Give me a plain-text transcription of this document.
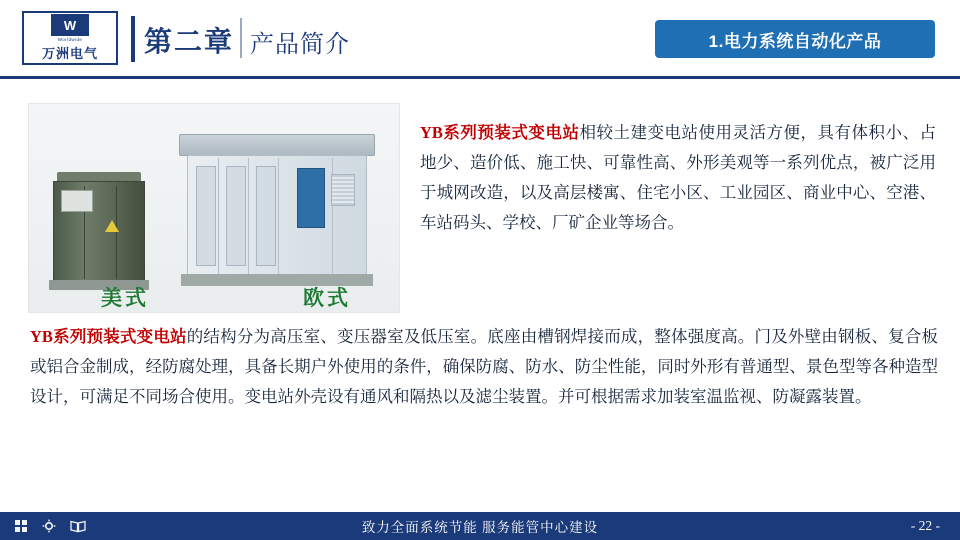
W
Worldwide
万洲电气 第二章 产品简介	1.电力系统自动化产品
美式	欧式
YB系列预装式变电站相较土建变电站使用灵活方便，具有体积小、占地少、造价低、施工快、可靠性高、外形美观等一系列优点，被广泛用于城网改造，以及高层楼寓、住宅小区、工业园区、商业中心、空港、车站码头、学校、厂矿企业等场合。
YB系列预装式变电站的结构分为高压室、变压器室及低压室。底座由槽钢焊接而成，整体强度高。门及外壁由钢板、复合板或铝合金制成，经防腐处理，具备长期户外使用的条件，确保防腐、防水、防尘性能，同时外形有普通型、景色型等各种造型设计，可满足不同场合使用。变电站外壳设有通风和隔热以及滤尘装置。并可根据需求加装室温监视、防凝露装置。
致力全面系统节能 服务能管中心建设	- 22 -
